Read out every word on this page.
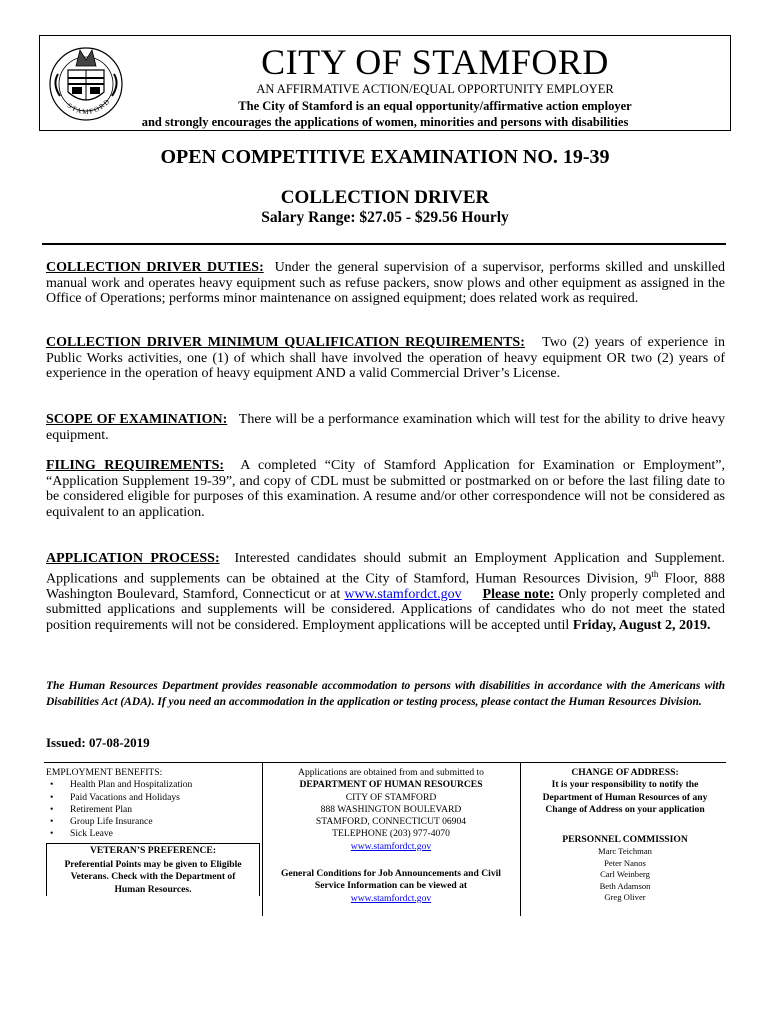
STAMFORD
CITY OF STAMFORD
AN AFFIRMATIVE ACTION/EQUAL OPPORTUNITY EMPLOYER
The City of Stamford is an equal opportunity/affirmative action employer
and strongly encourages the applications of women, minorities and persons with disabilities
OPEN COMPETITIVE EXAMINATION NO. 19-39
COLLECTION DRIVER
Salary Range: $27.05 - $29.56 Hourly
COLLECTION DRIVER DUTIES: Under the general supervision of a supervisor, performs skilled and unskilled manual work and operates heavy equipment such as refuse packers, snow plows and other equipment as assigned in the Office of Operations; performs minor maintenance on assigned equipment; does related work as required.
COLLECTION DRIVER MINIMUM QUALIFICATION REQUIREMENTS: Two (2) years of experience in Public Works activities, one (1) of which shall have involved the operation of heavy equipment OR two (2) years of experience in the operation of heavy equipment AND a valid Commercial Driver’s License.
SCOPE OF EXAMINATION: There will be a performance examination which will test for the ability to drive heavy equipment.
FILING REQUIREMENTS: A completed “City of Stamford Application for Examination or Employment”, “Application Supplement 19-39”, and copy of CDL must be submitted or postmarked on or before the last filing date to be considered eligible for purposes of this examination. A resume and/or other correspondence will not be considered as equivalent to an application.
APPLICATION PROCESS: Interested candidates should submit an Employment Application and Supplement. Applications and supplements can be obtained at the City of Stamford, Human Resources Division, 9th Floor, 888 Washington Boulevard, Stamford, Connecticut or at www.stamfordct.gov Please note: Only properly completed and submitted applications and supplements will be considered. Applications of candidates who do not meet the stated position requirements will not be considered. Employment applications will be accepted until Friday, August 2, 2019.
The Human Resources Department provides reasonable accommodation to persons with disabilities in accordance with the Americans with Disabilities Act (ADA). If you need an accommodation in the application or testing process, please contact the Human Resources Division.
Issued: 07-08-2019
EMPLOYMENT BENEFITS:
• Health Plan and Hospitalization
• Paid Vacations and Holidays
• Retirement Plan
• Group Life Insurance
• Sick Leave
VETERAN’S PREFERENCE:
Preferential Points may be given to Eligible Veterans. Check with the Department of Human Resources.
Applications are obtained from and submitted to
DEPARTMENT OF HUMAN RESOURCES
CITY OF STAMFORD
888 WASHINGTON BOULEVARD
STAMFORD, CONNECTICUT 06904
TELEPHONE (203) 977-4070
www.stamfordct.gov
General Conditions for Job Announcements and Civil Service Information can be viewed at
www.stamfordct.gov
CHANGE OF ADDRESS:
It is your responsibility to notify the Department of Human Resources of any Change of Address on your application
PERSONNEL COMMISSION
Marc Teichman
Peter Nanos
Carl Weinberg
Beth Adamson
Greg Oliver
